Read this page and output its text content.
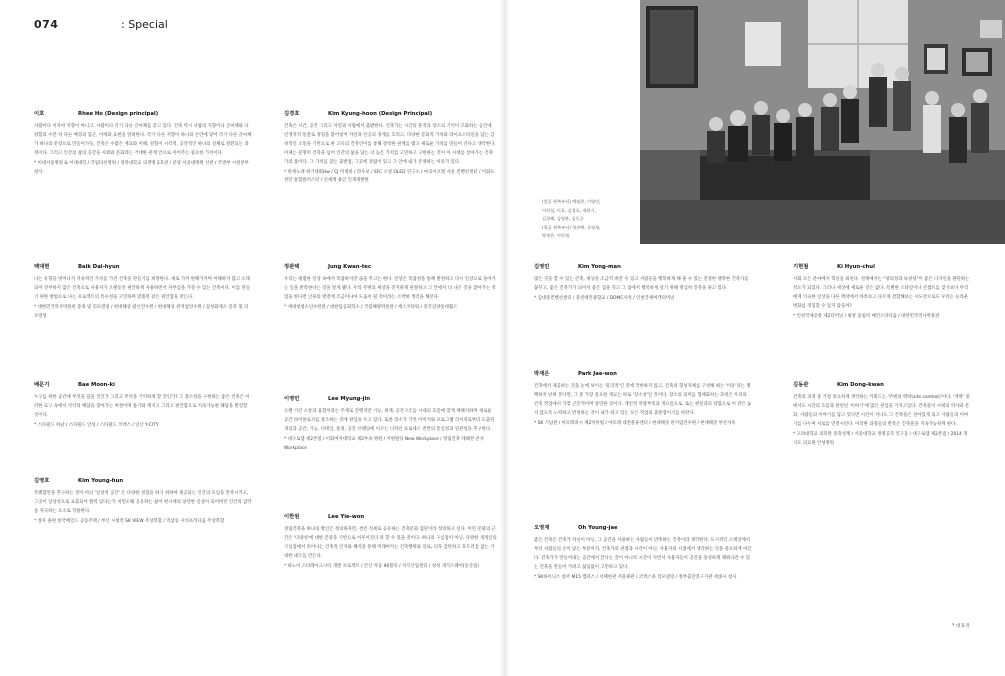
074	: Special
(앞줄 왼쪽부터) 백대현, 이영민,
이현철, 이호, 김경호, 제원기,
김경혜, 김영분, 김동균
(뒷줄 왼쪽부터) 정관택, 오영재,
박재은, 이민재
이호	Rhee Ho (Design principal)
사람이다 이자야 지향이 아니고, 사람이다 각기 다른 글씨체를 갖고 있다. 건축 역시 사람의 지향이나 글씨체와 다양함의 수만 치 다른 배경과 힘근, 이에와 표현을 알려한다. 각기 다른 지향이 하나의 손안에 닿어 각기 다른 글씨체가 하나의 문장으로 만들어가듯, 건축은 수많은 재교와 이해, 설형이 시각적, 공간적인 하나의 실체로 전환되는 과정이다. 그리고 인간의 삶의 공간을 사회와 문화라는 거대한 관계 안으로 이어주는 중요한 가치이다.
* 이대서울병원 & 이대대학 / 국립타선병원 / 경북대학교 의생명 2호관 / 분당 서울대병원 신관 / 국방부 시설본부청사
김경호	Kim Kyung-hoon (Design Principal)
건축은 시간, 공간 그리고 자연과 사람에서 출발한다. 건축가는 시간의 흔적과 장소의 기억이 조화하는 공간에 인생적적 통찰로 경험을 불어넣어 자연과 인공의 경계를 흐리고, 다양한 문화적 가치와 라이프스타일을 담는 감성적인 소통을 기반으로 한 고유의 건축언어를 통해 강력한 관계를 맺고 새로운 가치를 만들어 간다고 생각한다. 이제는 분명히 건축을 넘어 인간의 삶을 담는 더 높은 가치를 고민하고 구현하는 것이 이 시대를 살아가는 건축가의 몫이다. 그 가치를 찾는 출발점, 그곳에 정림이 있고 그 안에 내가 존재하는 이유가 있다.
* 관세노대 위기대회Hw / CJ 미생비 / 라우보 / SFC 오창 OLED 연구소 / 마곡이포텔 서울 컨벤션센터 / 이화도 천안 통합클러스터 / 신세계 용인 인재개발원
백대현	Baik Dai-hyun
나는 유형을 벗어나지 지속적인 가치를 가진 건축을 만들기를 희망한다. 새로 가끼 변해가지며 이해하지 않고 오래되어 진부하지 않은 건축으로 사용자가 오랜동안 편안하게 사용하면서 자부심을 가질 수 있는 건축이다. 이를 만들기 위한 방법으로 나는 프로젝트의 특수성을 고민하며 맞춤복 같은 편안함을 만든다.
* 대한민국역사박물관 증축 및 리모델링 / 현대해상 광산연수원 / 현대해상 관지업연수원 / 삼성화재소 증축 및 리모델링
정관택	Jung Kwan-tec
우리는 평범한 일상 속에서 복잡하지만 끊을 무고는 한다. 일상은 복잡성을 통해 발전하고 다시 일상으로 돌아가는 일을 반복한다는 것을 알게 됐다. 우리 주변의 새상을 진지하게 관찰하고 그 안에서 더 나은 것을 찾아가는 적업을 한다면 인류의 발전에 조금이나마 도움이 될 것이라는 소박한 생각을 해본다.
* 세대청청소년수련관 / 대한임공화학소 / 국립해양박물관 / 세스코타워 / 중국심양롯데월드
김영민	Kim Yong-man
많은 것을 할 수 있는 건축, 세상을 조금씩 바꿀 수 있고 사람들을 행복하게 해 줄 수 있는 진정한 행복한 건축가를 꿈꾸고, 좋은 건축가가 되어서 좋은 집을 짓고 그 집에서 행복하게 살기 위해 열심히 건축을 하고 있다.
* 김대중컨벤션센터 / 충전대흥종합교 / DDMC사옥 / 인천국제여객터미널
기현철	Ki Hyun-chul
사회 모든 분야에서 혁신을 외친다. 설계에서는 "창의성과 독창성"이 좋은 디자인을 판단하는 척도가 되었다. 그러나 세상에 새로운 것은 없다. 특별한 스타일이나 콘셉트를 찾기보다 무리에게 익숙한 일상을 다른 맥락에서 바라보고 다르게 결합해보는 시도만으로도 우리는 놀라운 변화를 경험할 수 있지 않을까?
* 인천국제공항 제2터미널 / 평창 올림픽 메인스타디움 / 대한민국역사박물관
배문기	Bae Moon-ki
누구를 위한 공간에 무엇을 담을 것인가 그리고 무엇을 기억하게 할 것인가? 그 장소성을 구현하는 좋은 건축은 이러한 묘구 속에서 각각의 해답을 찾아가는 여정이며 틀기와 깨지고 그러고 편안함으로 지속가능한 해답을 발견할 것이다.
* 스타필드 하남 / 스타필드 안성 / 스타필드 코엑스 / 일산 Y-CITY
이영민	Lee Myung-jin
오랜 기간 소통과 융합이라는 주제로 진행지만 기능, 위계, 공간구조를 시대의 흐름에 맞게 재해석하며 새로운 공간 타이폴로지를 창조하는 것에 관심을 두고 있다. 또한 장소가 가진 이미지와 프로그램 리서치로부터 도출된 개념과 공간, 기능, 디테일, 물성, 공간 브랜딩에 이르는 디자인 프로세스 전반의 통일성과 일관성을 추구한다.
* 대구로템 제2본점 / 이화여자대학교 제2부속 병원 / 서원빌딩 New Workplace / 정림건축 테헤란 본사 Workplace
박재은	Park Jae-won
건축에서 제공하는 것을 눈에 보이는 '물리적'인 것에 국한하지 않고, 건축의 형성자체를 구성해 최는 '이유'라는 명백하지 낱혀 본다면, 그 중 가장 중요한 재료는 바로 '장소성'일 것이다. 장소의 의미를 형태화하는 과정은 우리의 건축 작업에서 가장 근본적이며 당연한 것이다. 개인적 역량부족과 개으름으로, 또는 현실과의 타협으로 이 같은 놓지 않도록 노력하고 반성하는 것이 내가 하고 있는 모든 작업의 출발점이기를 바란다.
* SK 기념관 / 아모레퍼시 제2커뮤법 / 아모레 대전물류센터 / 현대해상 관지업연수원 / 현대해상 부산사옥
김동관	Kim Dong-kwan
건축의 과정 중 가장 중요하게 생각하는 키워드는 '주변의 맥락(site context)'이다. '맥락' 중에서도 시간의 흐름과 관련된 '이야기'에 많은 관심을 가지고있다. 건축물이 시대의 역사와 문화, 사람들의 이야기를 담고 있다면 시간이 지나도 그 건축물은 살아있게 되고 사람들과 이야기를 나누며 서로를 연결시킨다. 이러한 과정들의 반복은 건축물을 지속가능하게 한다.
* 고려대학교 의학관 증축설계 / 서울대학교 생명공학 연구동 / 대구로템 제2본점 / 2014 경기도 의료원 안성병원
김영호	Kim Young-hun
특별함만을 추구하는 것이 아닌 '일상적 공간' 은 다양한 경험을 하기 위하여 제공되는 인간의 모임을 만족시키고, 그곳이 일상성으로 표출되어 활력 있다는가 치면소웨 공유하는 삶이 현시대의 당연한 일상이 되어버린 인간의 감각을 자극하는 요소로 작용한다.
* 창우 용현 한국베일드 공동주택 / 부산 시청역 SK VIEW 주상복합 / 역삼동 시티프라디움 주상복합
이한원	Lee Yie-won
정림건축을 하나의 방인은 정의하자면, 결런 직세로 공유하는 건축문화 집단이라 정의하고 싶다. 이런 문화의 근간은 '다양성'에 대한 존중을 기반으로 이루어진다 라 할 수 있을 것이다. 하나의 구심점이 아닌, 다양한 개개인의 구심점에서 피어나는 건축적 인지와 해석을 통해 미래여지는 건축행위와 일로, 더욱 감탄하고 호트러짐 없는 거대한 대오를 만든다.
* 하노이 스타레이크시티 개발 프로젝트 / 안산 자동 90블록 / 지식산업센터 / 성성 개가스퀘어(동산점)
오영재	Oh Young-jae
좋은 건축은 건축가 자신이 아닌, 그 공간을 사용하는 사람들이 만족하는 건축이라 생각한다. 도시적인 스케일에서부터 사람들의 손이 닿는 부분까지, 건축가의 관점과 시각이 아닌, 사용자의 시점에서 생각하는 것을 중요하게 여긴다. 건축가가 만들어내는 공간에서 끝나는 것이 아니라 시간이 지면서 사용자들이 공간을 풍성하게 채워나갈 수 있는 건축을 만들어 가려고 끊임없이 고민하고 있다.
* SK하이닉스 청주 M15 캠퍼스 / 서체현관 서울최관 / 코엑스몰 리모델링 / 정부출연연구기관 세종시 청사
* 대표작
